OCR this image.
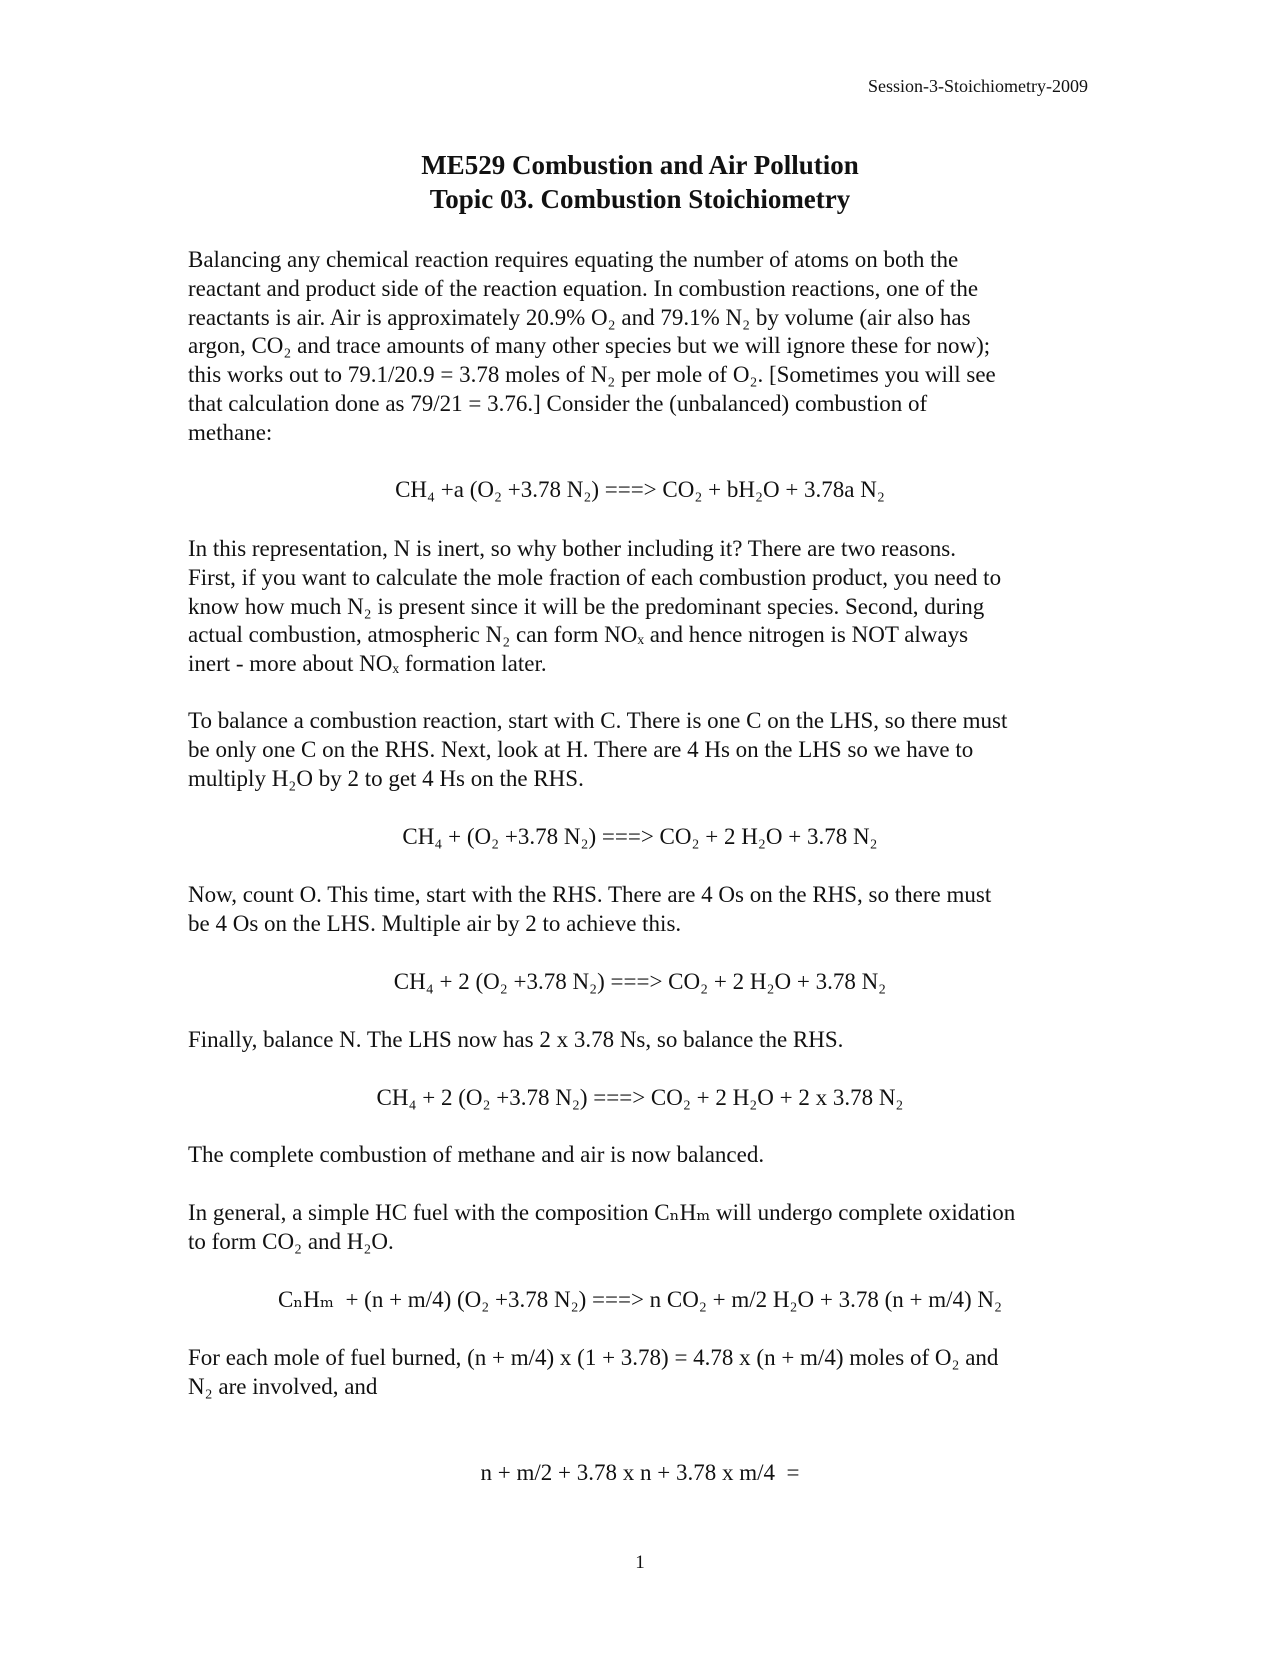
Session-3-Stoichiometry-2009
ME529 Combustion and Air Pollution
Topic 03. Combustion Stoichiometry

Balancing any chemical reaction requires equating the number of atoms on both the
reactant and product side of the reaction equation. In combustion reactions, one of the
reactants is air. Air is approximately 20.9% O₂ and 79.1% N₂ by volume (air also has
argon, CO₂ and trace amounts of many other species but we will ignore these for now);
this works out to 79.1/20.9 = 3.78 moles of N₂ per mole of O₂. [Sometimes you will see
that calculation done as 79/21 = 3.76.] Consider the (unbalanced) combustion of
methane:

CH₄ +a (O₂ +3.78 N₂) ===> CO₂ + bH₂O + 3.78a N₂

In this representation, N is inert, so why bother including it? There are two reasons.
First, if you want to calculate the mole fraction of each combustion product, you need to
know how much N₂ is present since it will be the predominant species. Second, during
actual combustion, atmospheric N₂ can form NOₓ and hence nitrogen is NOT always
inert - more about NOₓ formation later.

To balance a combustion reaction, start with C. There is one C on the LHS, so there must
be only one C on the RHS. Next, look at H. There are 4 Hs on the LHS so we have to
multiply H₂O by 2 to get 4 Hs on the RHS.

CH₄ + (O₂ +3.78 N₂) ===> CO₂ + 2 H₂O + 3.78 N₂

Now, count O. This time, start with the RHS. There are 4 Os on the RHS, so there must
be 4 Os on the LHS. Multiple air by 2 to achieve this.

CH₄ + 2 (O₂ +3.78 N₂) ===> CO₂ + 2 H₂O + 3.78 N₂

Finally, balance N. The LHS now has 2 x 3.78 Ns, so balance the RHS.

CH₄ + 2 (O₂ +3.78 N₂) ===> CO₂ + 2 H₂O + 2 x 3.78 N₂

The complete combustion of methane and air is now balanced.

In general, a simple HC fuel with the composition CₙHₘ will undergo complete oxidation
to form CO₂ and H₂O.

CₙHₘ  + (n + m/4) (O₂ +3.78 N₂) ===> n CO₂ + m/2 H₂O + 3.78 (n + m/4) N₂

For each mole of fuel burned, (n + m/4) x (1 + 3.78) = 4.78 x (n + m/4) moles of O₂ and
N₂ are involved, and

n + m/2 + 3.78 x n + 3.78 x m/4  =
1
